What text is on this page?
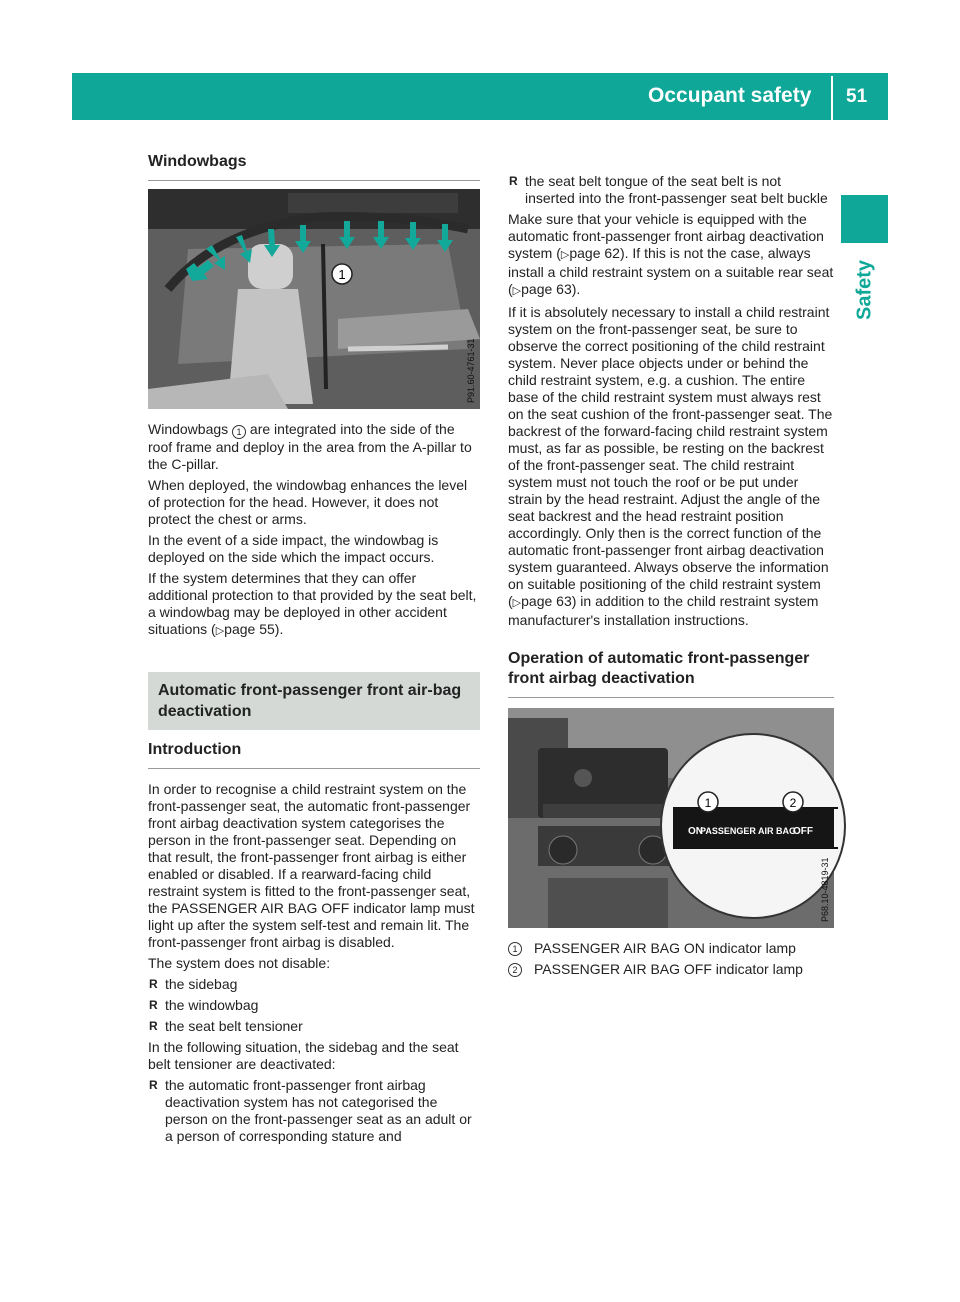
Occupant safety 51
Safety
Windowbags
1
P91.60-4761-31

Windowbags 1 are integrated into the side of the roof frame and deploy in the area from the A-pillar to the C-pillar.

When deployed, the windowbag enhances the level of protection for the head. However, it does not protect the chest or arms.

In the event of a side impact, the windowbag is deployed on the side which the impact occurs.

If the system determines that they can offer additional protection to that provided by the seat belt, a windowbag may be deployed in other accident situations (▷page 55).

Automatic front-passenger front air-bag deactivation
Introduction

In order to recognise a child restraint system on the front-passenger seat, the automatic front-passenger front airbag deactivation system categorises the person in the front-passenger seat. Depending on that result, the front-passenger front airbag is either enabled or disabled. If a rearward-facing child restraint system is fitted to the front-passenger seat, the PASSENGER AIR BAG OFF indicator lamp must light up after the system self-test and remain lit. The front-passenger front airbag is disabled.

The system does not disable:

R the sidebag
R the windowbag
R the seat belt tensioner

In the following situation, the sidebag and the seat belt tensioner are deactivated:

R the automatic front-passenger front airbag deactivation system has not categorised the person on the front-passenger seat as an adult or a person of corresponding stature and
R the seat belt tongue of the seat belt is not inserted into the front-passenger seat belt buckle

Make sure that your vehicle is equipped with the automatic front-passenger front airbag deactivation system (▷page 62). If this is not the case, always install a child restraint system on a suitable rear seat (▷page 63).

If it is absolutely necessary to install a child restraint system on the front-passenger seat, be sure to observe the correct positioning of the child restraint system. Never place objects under or behind the child restraint system, e.g. a cushion. The entire base of the child restraint system must always rest on the seat cushion of the front-passenger seat. The backrest of the forward-facing child restraint system must, as far as possible, be resting on the backrest of the front-passenger seat. The child restraint system must not touch the roof or be put under strain by the head restraint. Adjust the angle of the seat backrest and the head restraint position accordingly. Only then is the correct function of the automatic front-passenger front airbag deactivation system guaranteed. Always observe the information on suitable positioning of the child restraint system (▷page 63) in addition to the child restraint system manufacturer's installation instructions.

Operation of automatic front-passenger front airbag deactivation
ON
PASSENGER AIR BAG
OFF
1	2
P68.10-4819-31
1	PASSENGER AIR BAG ON indicator lamp
2	PASSENGER AIR BAG OFF indicator lamp
